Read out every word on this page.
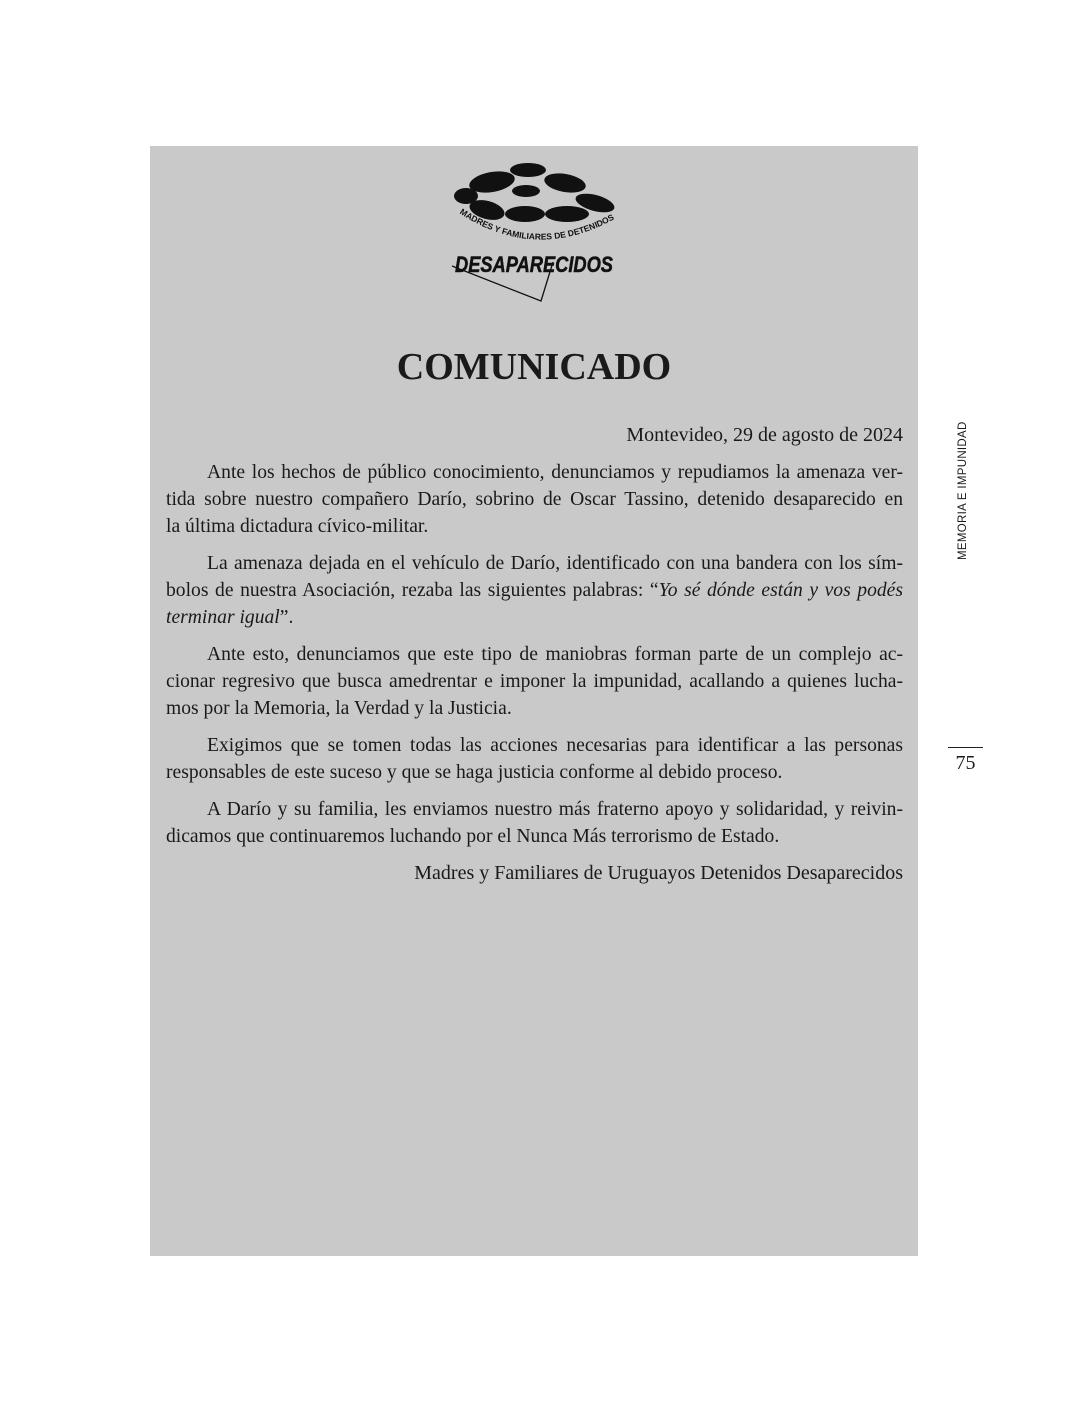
MADRES Y FAMILIARES DE DETENIDOS
DESAPARECIDOS
COMUNICADO
Montevideo, 29 de agosto de 2024
Ante los hechos de público conocimiento, denunciamos y repudiamos la amenaza ver-
tida sobre nuestro compañero Darío, sobrino de Oscar Tassino, detenido desaparecido en
la última dictadura cívico-militar.
La amenaza dejada en el vehículo de Darío, identificado con una bandera con los sím-
bolos de nuestra Asociación, rezaba las siguientes palabras: “Yo sé dónde están y vos podés
terminar igual”.
Ante esto, denunciamos que este tipo de maniobras forman parte de un complejo ac-
cionar regresivo que busca amedrentar e imponer la impunidad, acallando a quienes lucha-
mos por la Memoria, la Verdad y la Justicia.
Exigimos que se tomen todas las acciones necesarias para identificar a las personas
responsables de este suceso y que se haga justicia conforme al debido proceso.
A Darío y su familia, les enviamos nuestro más fraterno apoyo y solidaridad, y reivin-
dicamos que continuaremos luchando por el Nunca Más terrorismo de Estado.
Madres y Familiares de Uruguayos Detenidos Desaparecidos
MEMORIA E IMPUNIDAD
75
